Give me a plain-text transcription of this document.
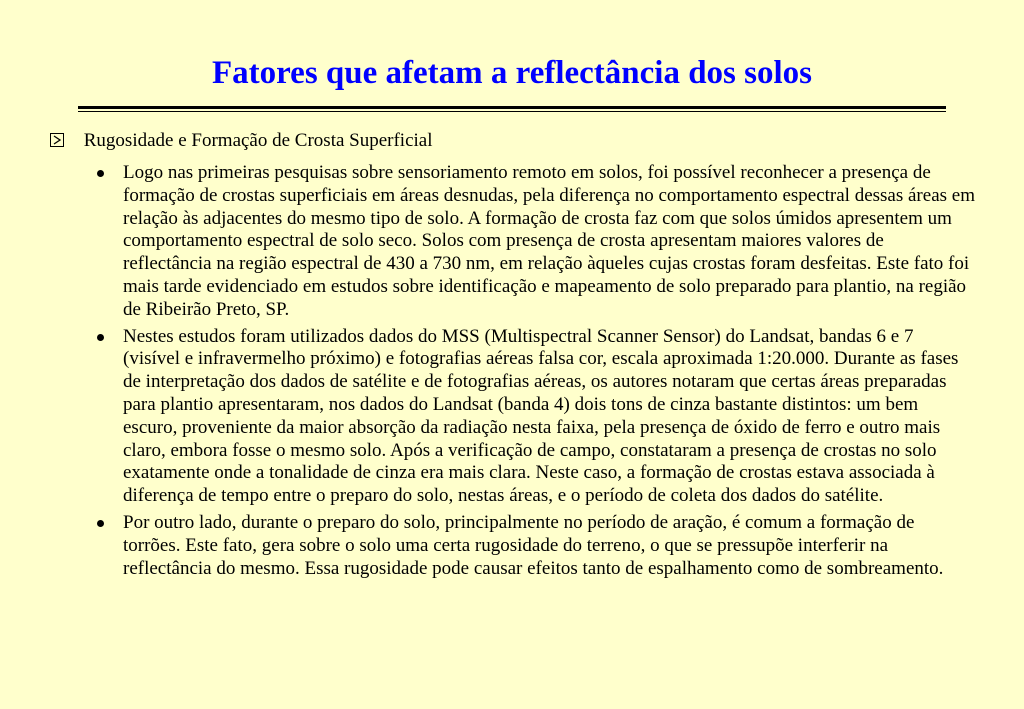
Fatores que afetam a reflectância dos solos
Rugosidade e Formação de Crosta Superficial
Logo nas primeiras pesquisas sobre sensoriamento remoto em solos, foi possível reconhecer a presença de formação de crostas superficiais em áreas desnudas, pela diferença no comportamento espectral dessas áreas em relação às adjacentes do mesmo tipo de solo. A formação de crosta faz com que solos úmidos apresentem um comportamento espectral de solo seco. Solos com presença de crosta apresentam maiores valores de reflectância na região espectral de 430 a 730 nm, em relação àqueles cujas crostas foram desfeitas. Este fato foi mais tarde evidenciado em estudos sobre identificação e mapeamento de solo preparado para plantio, na região de Ribeirão Preto, SP.
Nestes estudos foram utilizados dados do MSS (Multispectral Scanner Sensor) do Landsat, bandas 6 e 7 (visível e infravermelho próximo) e fotografias aéreas falsa cor, escala aproximada 1:20.000. Durante as fases de interpretação dos dados de satélite e de fotografias aéreas, os autores notaram que certas áreas preparadas para plantio apresentaram, nos dados do Landsat (banda 4) dois tons de cinza bastante distintos: um bem escuro, proveniente da maior absorção da radiação nesta faixa, pela presença de óxido de ferro e outro mais claro, embora fosse o mesmo solo. Após a verificação de campo, constataram a presença de crostas no solo exatamente onde a tonalidade de cinza era mais clara. Neste caso, a formação de crostas estava associada à diferença de tempo entre o preparo do solo, nestas áreas, e o período de coleta dos dados do satélite.
Por outro lado, durante o preparo do solo, principalmente no período de aração, é comum a formação de torrões. Este fato, gera sobre o solo uma certa rugosidade do terreno, o que se pressupõe interferir na reflectância do mesmo. Essa rugosidade pode causar efeitos tanto de espalhamento como de sombreamento.
